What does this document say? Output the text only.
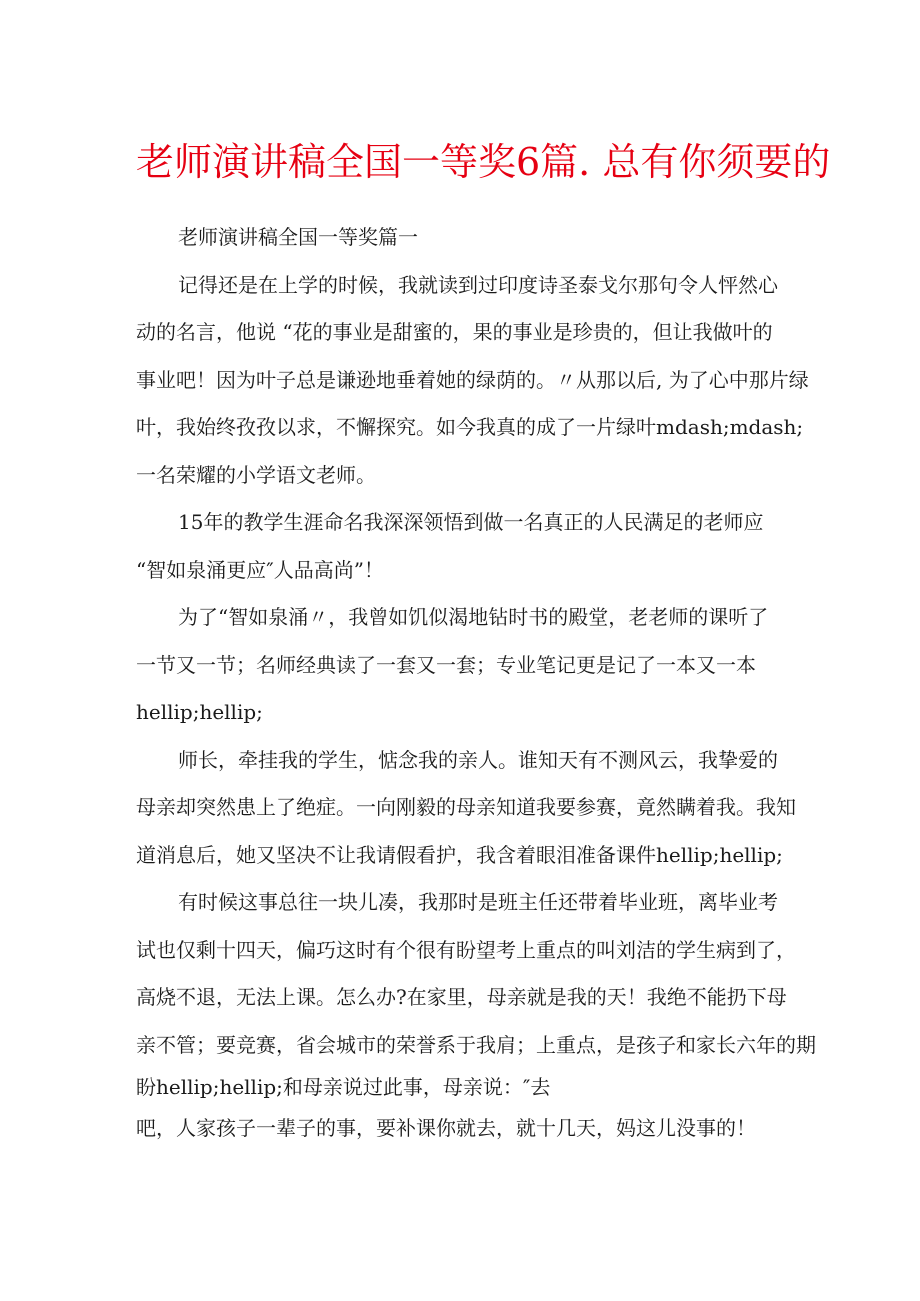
老师演讲稿全国一等奖6篇. 总有你须要的
老师演讲稿全国一等奖篇一
记得还是在上学的时候，我就读到过印度诗圣泰戈尔那句令人怦然心
动的名言，他说 “花的事业是甜蜜的，果的事业是珍贵的，但让我做叶的
事业吧！因为叶子总是谦逊地垂着她的绿荫的。〃从那以后, 为了心中那片绿
叶，我始终孜孜以求，不懈探究。如今我真的成了一片绿叶mdash;mdash;
一名荣耀的小学语文老师。
15年的教学生涯命名我深深领悟到做一名真正的人民满足的老师应
“智如泉涌更应″人品高尚”！
为了“智如泉涌〃，我曾如饥似渴地钻时书的殿堂，老老师的课听了
一节又一节；名师经典读了一套又一套；专业笔记更是记了一本又一本
hellip;hellip;
师长，牵挂我的学生，惦念我的亲人。谁知天有不测风云，我挚爱的
母亲却突然患上了绝症。一向刚毅的母亲知道我要参赛，竟然瞒着我。我知
道消息后，她又坚决不让我请假看护，我含着眼泪准备课件hellip;hellip;
有时候这事总往一块儿凑，我那时是班主任还带着毕业班，离毕业考
试也仅剩十四天，偏巧这时有个很有盼望考上重点的叫刘洁的学生病到了，
高烧不退，无法上课。怎么办?在家里，母亲就是我的天！我绝不能扔下母
亲不管；要竞赛，省会城市的荣誉系于我肩；上重点，是孩子和家长六年的期
盼hellip;hellip;和母亲说过此事，母亲说：″去
吧，人家孩子一辈子的事，要补课你就去，就十几天，妈这儿没事的！
